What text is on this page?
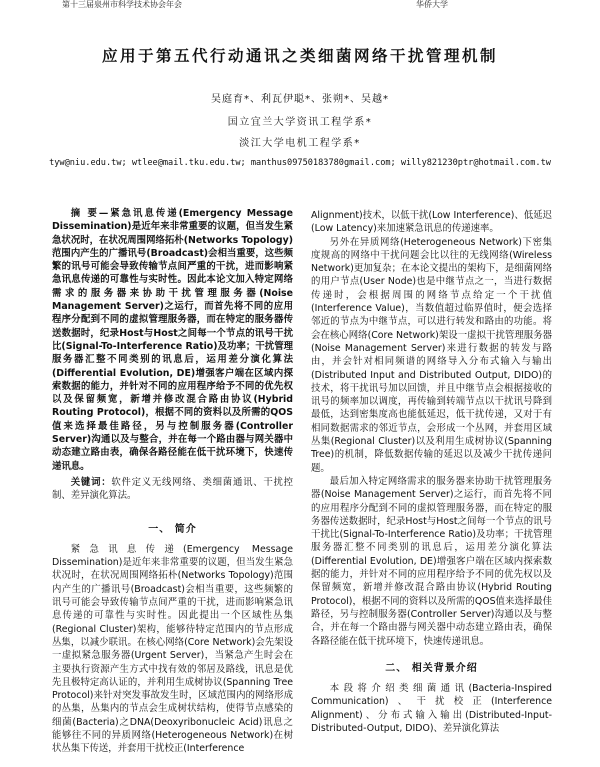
第十三届泉州市科学技术协会年会	华侨大学
应用于第五代行动通讯之类细菌网络干扰管理机制
吴庭育*、利瓦伊聪*、张朔*、吴越*
国立宜兰大学资讯工程学系*
淡江大学电机工程学系*
tyw@niu.edu.tw; wtlee@mail.tku.edu.tw; manthus09750183780gmail.com; willy821230ptr@hotmail.com.tw

摘 要—紧急讯息传递(Emergency Message Dissemination)是近年来非常重要的议题，但当发生紧急状况时，在状况周围网络拓朴(Networks Topology)范围内产生的广播讯号(Broadcast)会相当重要，这些频繁的讯号可能会导致传输节点间严重的干扰，进而影响紧急讯息传递的可靠性与实时性。因此本论文加入特定网络需求的服务器来协助干扰管理服务器(Noise Management Server)之运行，而首先将不同的应用程序分配到不同的虚拟管理服务器，而在特定的服务器传送数据时，纪录Host与Host之间每一个节点的讯号干扰比(Signal-To-Interference Ratio)及功率；干扰管理服务器汇整不同类别的讯息后，运用差分演化算法(Differential Evolution, DE)增强客户端在区域内探索数据的能力，并针对不同的应用程序给予不同的优先权以及保留频宽，新增并修改混合路由协议(Hybrid Routing Protocol)，根据不同的资料以及所需的QOS值来选择最佳路径，另与控制服务器(Controller Server)沟通以及与整合，并在每一个路由器与网关器中动态建立路由表，确保各路径能在低干扰环境下，快速传递讯息。

关键词：软件定义无线网络、类细菌通讯、干扰控制、差异演化算法。

一、 简介

紧急讯息传递(Emergency Message Dissemination)是近年来非常重要的议题，但当发生紧急状况时，在状况周围网络拓朴(Networks Topology)范围内产生的广播讯号(Broadcast)会相当重要，这些频繁的讯号可能会导致传输节点间严重的干扰，进而影响紧急讯息传递的可靠性与实时性。因此提出一个区域性丛集(Regional Cluster)架构，能够待特定范围内的节点形成丛集，以减少联讯。在核心网络(Core Network)会先架设一虚拟紧急服务器(Urgent Server)，当紧急产生时会在主要执行资源产生方式中找有效的邻居及路线，讯息是优先且极特定高认证的，并利用生成树协议(Spanning Tree Protocol)来针对突发事故发生时，区域范围内的网络形成的丛集，丛集内的节点会生成树状结构，使得节点感染的细菌(Bacteria)之DNA(Deoxyribonucleic Acid)讯息之能够往不同的异质网络(Heterogeneous Network)在树状丛集下传送，并套用干扰校正(Interference

Alignment)技术，以低干扰(Low Interference)、低延迟(Low Latency)来加速紧急讯息的传递速率。

另外在异质网络(Heterogeneous Network)下密集度规高的网络中干扰问题会比以往的无线网络(Wireless Network)更加复杂；在本论文提出的架构下，是细菌网络的用户节点(User Node)也是中继节点之一，当进行数据传递时，会根据周围的网络节点给定一个干扰值(Interference Value)，当数值超过临界值时，便会选择邻近的节点为中继节点，可以进行转发和路由的功能。将会在核心网络(Core Network)架设一虚拟干扰管理服务器(Noise Management Server)来进行数据的转发与路由，并会针对相同频谱的网络导入分布式输入与输出(Distributed Input and Distributed Output, DIDO)的技术，将干扰讯号加以回馈，并且中继节点会根据接收的讯号的频率加以调度，再传输到转端节点以干扰讯号降到最低，达到密集度高也能低延迟，低干扰传递，又对于有相同数据需求的邻近节点，会形成一个丛网，并套用区域丛集(Regional Cluster)以及利用生成树协议(Spanning Tree)的机制，降低数据传输的延迟以及减少干扰传递问题。

最后加入特定网络需求的服务器来协助干扰管理服务器(Noise Management Server)之运行，而首先将不同的应用程序分配到不同的虚拟管理服务器，而在特定的服务器传送数据时，纪录Host与Host之间每一个节点的讯号干扰比(Signal-To-Interference Ratio)及功率；干扰管理服务器汇整不同类别的讯息后，运用差分演化算法(Differential Evolution, DE)增强客户端在区域内探索数据的能力，并针对不同的应用程序给予不同的优先权以及保留频宽，新增并修改混合路由协议(Hybrid Routing Protocol)，根据不同的资料以及所需的QOS值来选择最佳路径，另与控制服务器(Controller Server)沟通以及与整合，并在每一个路由器与网关器中动态建立路由表，确保各路径能在低干扰环境下，快速传递讯息。

二、 相关背景介绍

本段将介绍类细菌通讯(Bacteria-Inspired Communication)、干扰校正(Interference Alignment)、分布式输入输出(Distributed-Input-Distributed-Output, DIDO)、差异演化算法
